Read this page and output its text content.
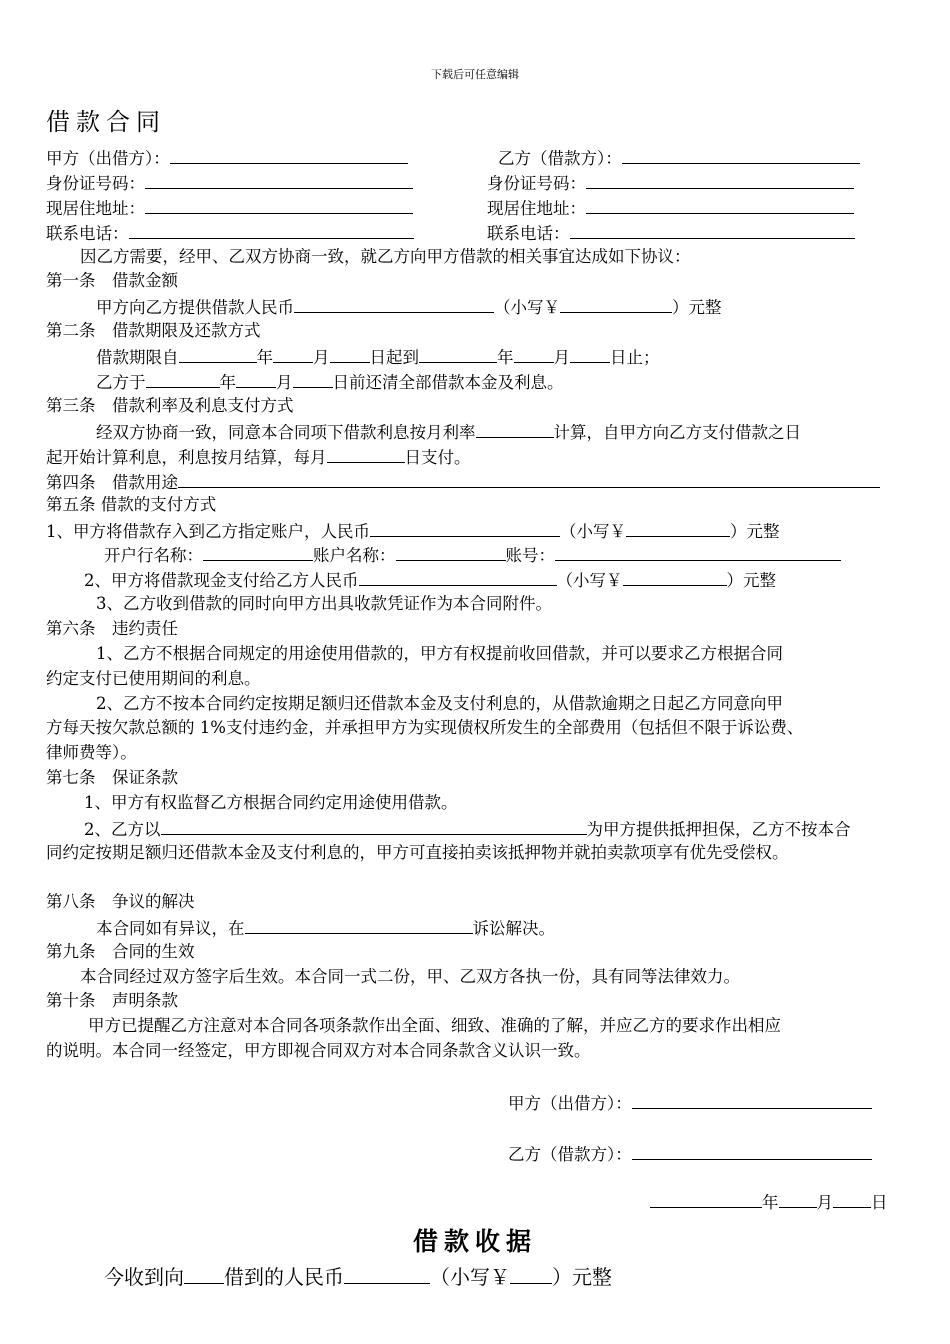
下载后可任意编辑
借款合同
甲方（出借方）：
身份证号码：
现居住地址：
联系电话：
乙方（借款方）：
身份证号码：
现居住地址：
联系电话：
因乙方需要，经甲、乙双方协商一致，就乙方向甲方借款的相关事宜达成如下协议：
第一条　借款金额
甲方向乙方提供借款人民币	（小写￥	）元整
第二条　借款期限及还款方式
借款期限自	年 月 日起到	年 月 日止；
乙方于	年 月 日前还清全部借款本金及利息。
第三条　借款利率及利息支付方式
经双方协商一致，同意本合同项下借款利息按月利率	计算，自甲方向乙方支付借款之日
起开始计算利息，利息按月结算，每月	日支付。
第四条　借款用途
第五条 借款的支付方式
1、甲方将借款存入到乙方指定账户，人民币	（小写￥	）元整
开户行名称：	账户名称：	账号：
2、甲方将借款现金支付给乙方人民币	（小写￥	）元整
3、乙方收到借款的同时向甲方出具收款凭证作为本合同附件。
第六条　违约责任
1、乙方不根据合同规定的用途使用借款的，甲方有权提前收回借款，并可以要求乙方根据合同
约定支付已使用期间的利息。
2、乙方不按本合同约定按期足额归还借款本金及支付利息的，从借款逾期之日起乙方同意向甲
方每天按欠款总额的 1%支付违约金，并承担甲方为实现债权所发生的全部费用（包括但不限于诉讼费、
律师费等）。
第七条　保证条款
1、甲方有权监督乙方根据合同约定用途使用借款。
2、乙方以	为甲方提供抵押担保，乙方不按本合
同约定按期足额归还借款本金及支付利息的，甲方可直接拍卖该抵押物并就拍卖款项享有优先受偿权。
第八条　争议的解决
本合同如有异议，在	诉讼解决。
第九条　合同的生效
本合同经过双方签字后生效。本合同一式二份，甲、乙双方各执一份，具有同等法律效力。
第十条　声明条款
甲方已提醒乙方注意对本合同各项条款作出全面、细致、准确的了解，并应乙方的要求作出相应
的说明。本合同一经签定，甲方即视合同双方对本合同条款含义认识一致。
甲方（出借方）：
乙方（借款方）：
年 月 日
借款收据
今收到向 借到的人民币	（小写￥ ）元整
